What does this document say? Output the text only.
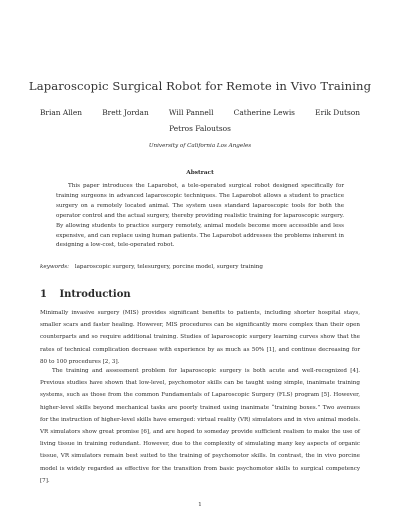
Laparoscopic Surgical Robot for Remote in Vivo Training
Brian Allen	Brett Jordan	Will Pannell	Catherine Lewis	Erik Dutson
Petros Faloutsos
University of California Los Angeles
Abstract
This paper introduces the Laparobot, a tele-operated surgical robot designed specifically for training surgeons in advanced laparoscopic techniques. The Laparobot allows a student to practice surgery on a remotely located animal. The system uses standard laparoscopic tools for both the operator control and the actual surgery, thereby providing realistic training for laparoscopic surgery. By allowing students to practice surgery remotely, animal models become more accessible and less expensive, and can replace using human patients. The Laparobot addresses the problems inherent in designing a low-cost, tele-operated robot.
keywords: laparoscopic surgery, telesurgery, porcine model, surgery training
1 Introduction
Minimally invasive surgery (MIS) provides significant benefits to patients, including shorter hospital stays, smaller scars and faster healing. However, MIS procedures can be significantly more complex than their open counterparts and so require additional training. Studies of laparoscopic surgery learning curves show that the rates of technical complication decrease with experience by as much as 50% [1], and continue decreasing for 80 to 100 procedures [2, 3].
The training and assessment problem for laparoscopic surgery is both acute and well-recognized [4]. Previous studies have shown that low-level, psychomotor skills can be taught using simple, inanimate training systems, such as those from the common Fundamentals of Laparoscopic Surgery (FLS) program [5]. However, higher-level skills beyond mechanical tasks are poorly trained using inanimate “training boxes.” Two avenues for the instruction of higher-level skills have emerged: virtual reality (VR) simulators and in vivo animal models. VR simulators show great promise [6], and are hoped to someday provide sufficient realism to make the use of living tissue in training redundant. However, due to the complexity of simulating many key aspects of organic tissue, VR simulators remain best suited to the training of psychomotor skills. In contrast, the in vivo porcine model is widely regarded as effective for the transition from basic psychomotor skills to surgical competency [7].
1
